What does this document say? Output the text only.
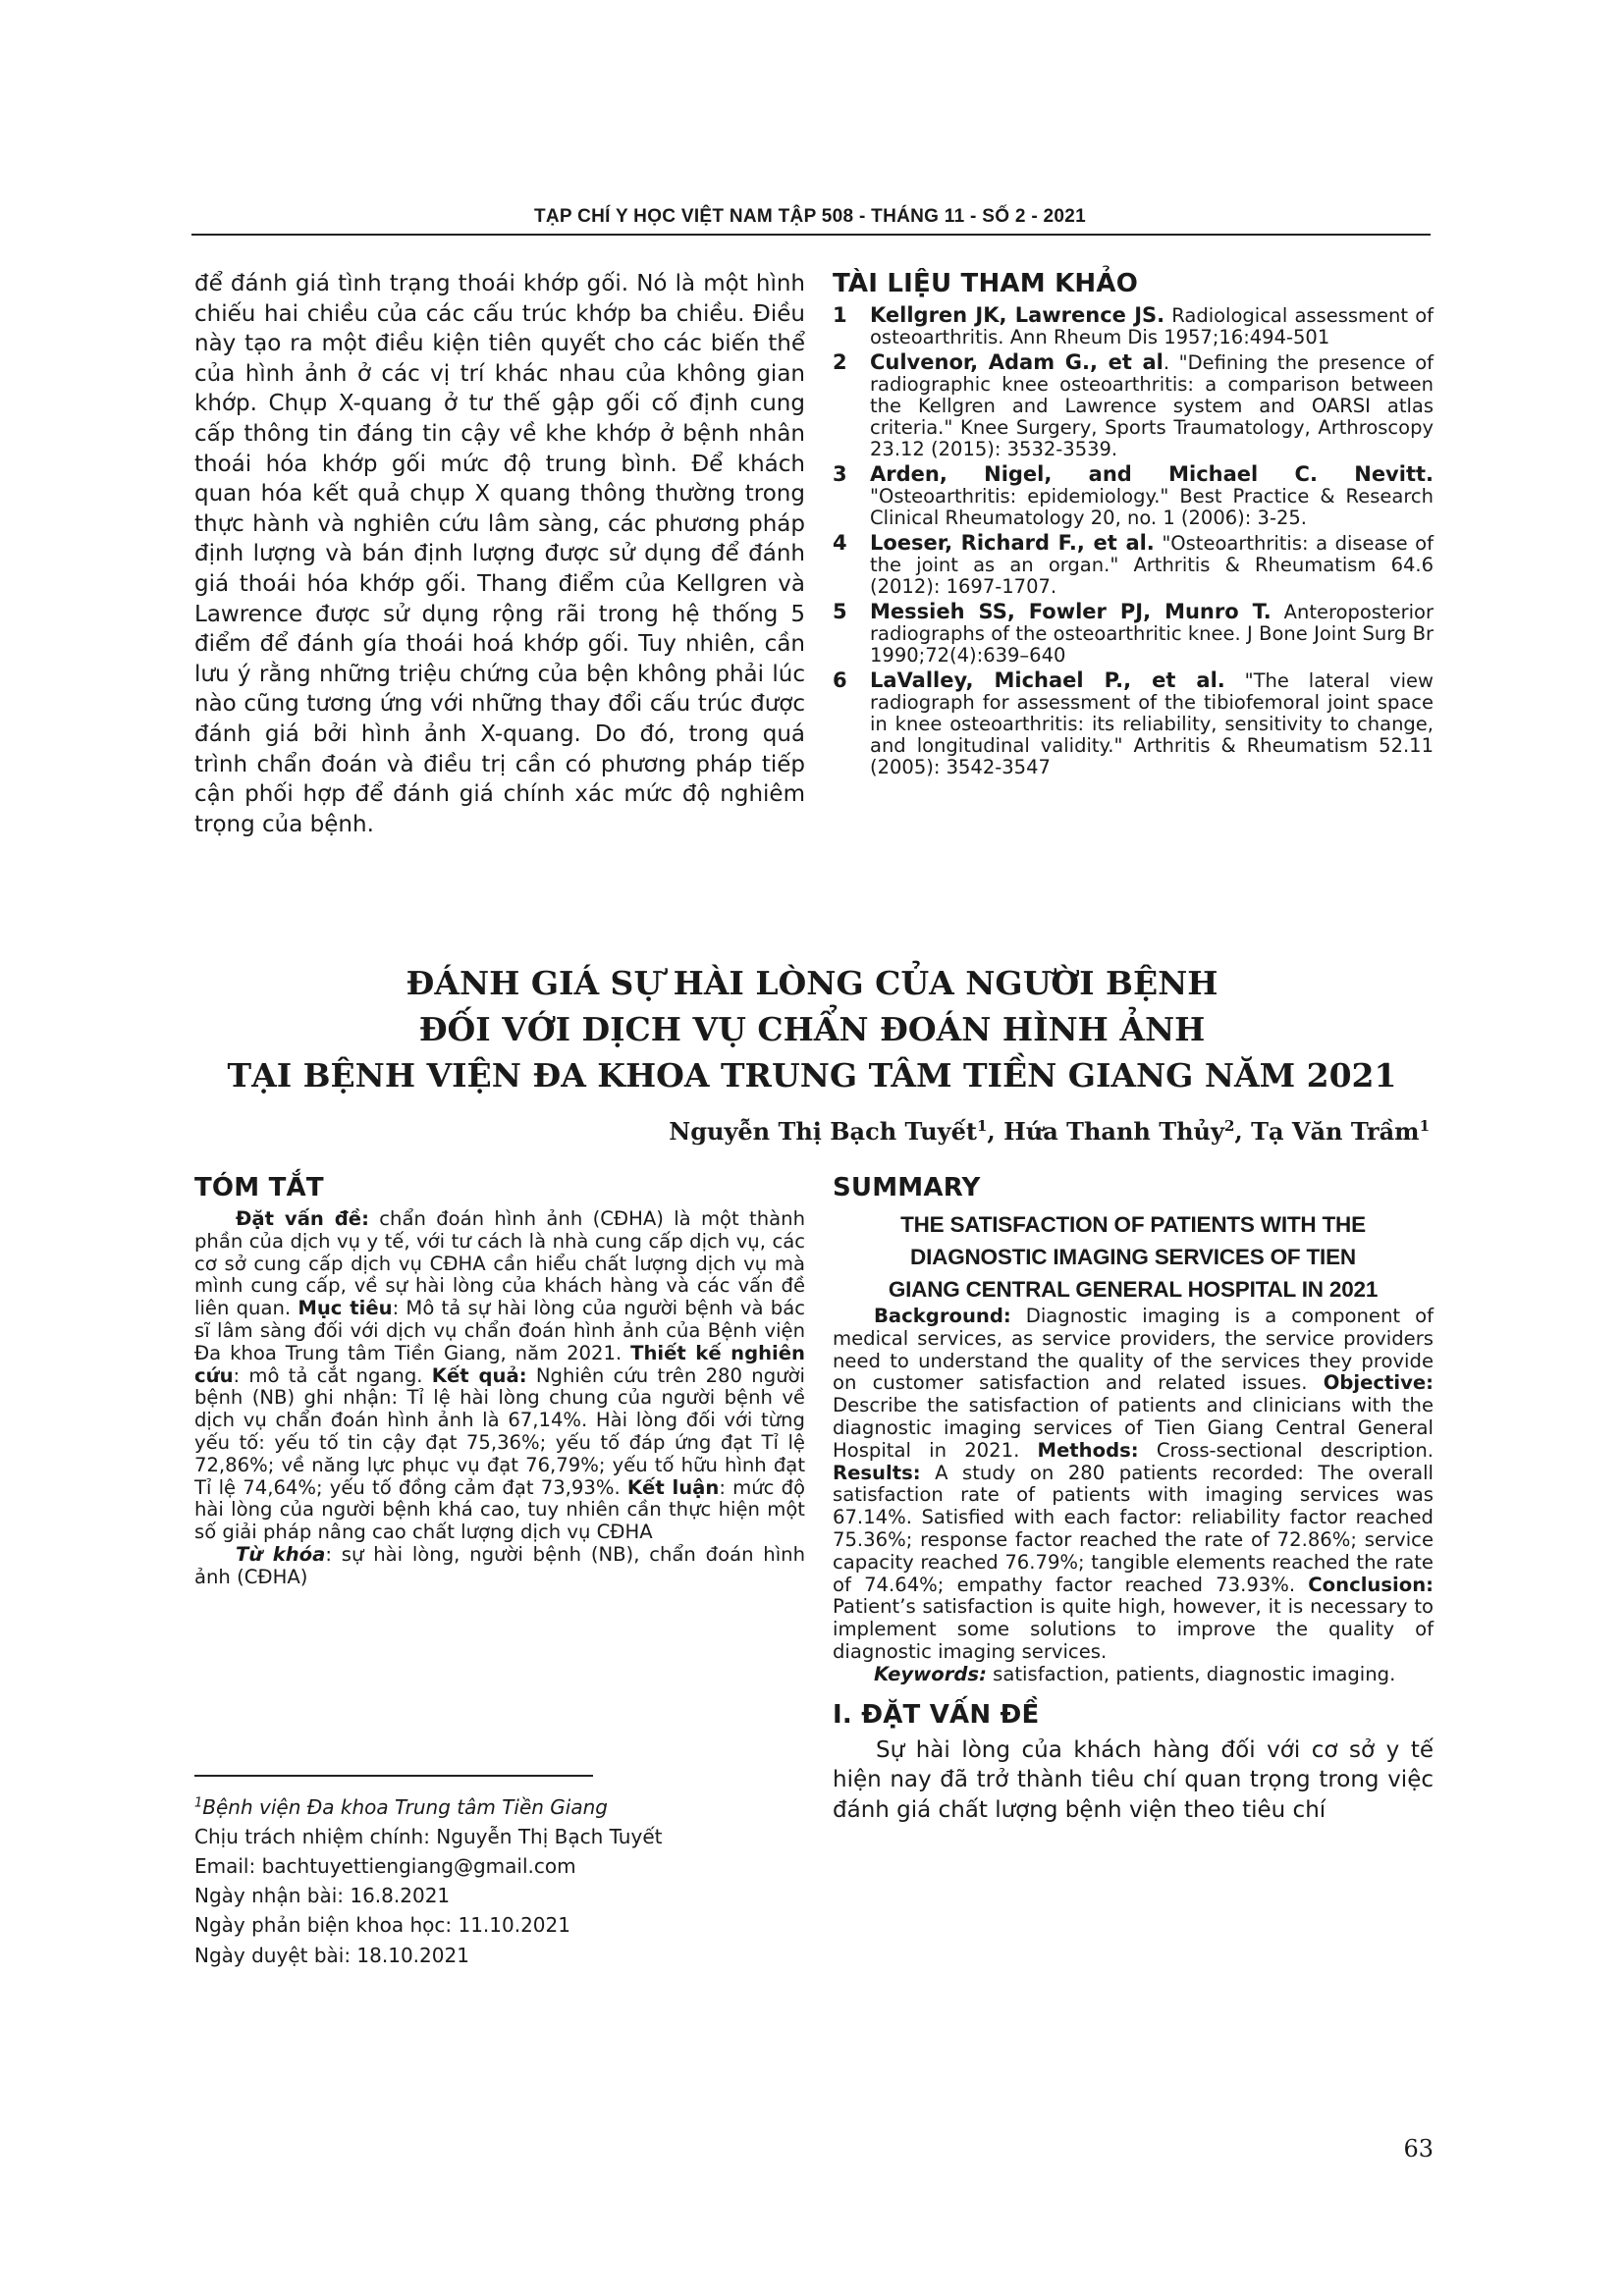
TẠP CHÍ Y HỌC VIỆT NAM TẬP 508 - THÁNG 11 - SỐ 2 - 2021

để đánh giá tình trạng thoái khớp gối. Nó là một hình chiếu hai chiều của các cấu trúc khớp ba chiều. Điều này tạo ra một điều kiện tiên quyết cho các biến thể của hình ảnh ở các vị trí khác nhau của không gian khớp. Chụp X-quang ở tư thế gập gối cố định cung cấp thông tin đáng tin cậy về khe khớp ở bệnh nhân thoái hóa khớp gối mức độ trung bình. Để khách quan hóa kết quả chụp X quang thông thường trong thực hành và nghiên cứu lâm sàng, các phương pháp định lượng và bán định lượng được sử dụng để đánh giá thoái hóa khớp gối. Thang điểm của Kellgren và Lawrence được sử dụng rộng rãi trong hệ thống 5 điểm để đánh gía thoái hoá khớp gối. Tuy nhiên, cần lưu ý rằng những triệu chứng của bện không phải lúc nào cũng tương ứng với những thay đổi cấu trúc được đánh giá bởi hình ảnh X-quang. Do đó, trong quá trình chẩn đoán và điều trị cần có phương pháp tiếp cận phối hợp để đánh giá chính xác mức độ nghiêm trọng của bệnh.

TÀI LIỆU THAM KHẢO
1	Kellgren JK, Lawrence JS. Radiological assessment of osteoarthritis. Ann Rheum Dis 1957;16:494-501
2	Culvenor, Adam G., et al. "Defining the presence of radiographic knee osteoarthritis: a comparison between the Kellgren and Lawrence system and OARSI atlas criteria." Knee Surgery, Sports Traumatology, Arthroscopy 23.12 (2015): 3532-3539.
3	Arden, Nigel, and Michael C. Nevitt. "Osteoarthritis: epidemiology." Best Practice & Research Clinical Rheumatology 20, no. 1 (2006): 3-25.
4	Loeser, Richard F., et al. "Osteoarthritis: a disease of the joint as an organ." Arthritis & Rheumatism 64.6 (2012): 1697-1707.
5	Messieh SS, Fowler PJ, Munro T. Anteroposterior radiographs of the osteoarthritic knee. J Bone Joint Surg Br 1990;72(4):639–640
6	LaValley, Michael P., et al. "The lateral view radiograph for assessment of the tibiofemoral joint space in knee osteoarthritis: its reliability, sensitivity to change, and longitudinal validity." Arthritis & Rheumatism 52.11 (2005): 3542-3547
ĐÁNH GIÁ SỰ HÀI LÒNG CỦA NGƯỜI BỆNH
ĐỐI VỚI DỊCH VỤ CHẨN ĐOÁN HÌNH ẢNH
TẠI BỆNH VIỆN ĐA KHOA TRUNG TÂM TIỀN GIANG NĂM 2021
Nguyễn Thị Bạch Tuyết$^1$, Hứa Thanh Thủy$^2$, Tạ Văn Trầm$^1$
TÓM TẮT

Đặt vấn đề: chẩn đoán hình ảnh (CĐHA) là một thành phần của dịch vụ y tế, với tư cách là nhà cung cấp dịch vụ, các cơ sở cung cấp dịch vụ CĐHA cần hiểu chất lượng dịch vụ mà mình cung cấp, về sự hài lòng của khách hàng và các vấn đề liên quan. Mục tiêu: Mô tả sự hài lòng của người bệnh và bác sĩ lâm sàng đối với dịch vụ chẩn đoán hình ảnh của Bệnh viện Đa khoa Trung tâm Tiền Giang, năm 2021. Thiết kế nghiên cứu: mô tả cắt ngang. Kết quả: Nghiên cứu trên 280 người bệnh (NB) ghi nhận: Tỉ lệ hài lòng chung của người bệnh về dịch vụ chẩn đoán hình ảnh là 67,14%. Hài lòng đối với từng yếu tố: yếu tố tin cậy đạt 75,36%; yếu tố đáp ứng đạt Tỉ lệ 72,86%; về năng lực phục vụ đạt 76,79%; yếu tố hữu hình đạt Tỉ lệ 74,64%; yếu tố đồng cảm đạt 73,93%. Kết luận: mức độ hài lòng của người bệnh khá cao, tuy nhiên cần thực hiện một số giải pháp nâng cao chất lượng dịch vụ CĐHA

Từ khóa: sự hài lòng, người bệnh (NB), chẩn đoán hình ảnh (CĐHA)

$^1$Bệnh viện Đa khoa Trung tâm Tiền Giang
Chịu trách nhiệm chính: Nguyễn Thị Bạch Tuyết
Email: bachtuyettiengiang@gmail.com
Ngày nhận bài: 16.8.2021
Ngày phản biện khoa học: 11.10.2021
Ngày duyệt bài: 18.10.2021
SUMMARY
THE SATISFACTION OF PATIENTS WITH THE
DIAGNOSTIC IMAGING SERVICES OF TIEN
GIANG CENTRAL GENERAL HOSPITAL IN 2021

Background: Diagnostic imaging is a component of medical services, as service providers, the service providers need to understand the quality of the services they provide on customer satisfaction and related issues. Objective: Describe the satisfaction of patients and clinicians with the diagnostic imaging services of Tien Giang Central General Hospital in 2021. Methods: Cross-sectional description. Results: A study on 280 patients recorded: The overall satisfaction rate of patients with imaging services was 67.14%. Satisfied with each factor: reliability factor reached 75.36%; response factor reached the rate of 72.86%; service capacity reached 76.79%; tangible elements reached the rate of 74.64%; empathy factor reached 73.93%. Conclusion: Patient’s satisfaction is quite high, however, it is necessary to implement some solutions to improve the quality of diagnostic imaging services.

Keywords: satisfaction, patients, diagnostic imaging.

I. ĐẶT VẤN ĐỀ

Sự hài lòng của khách hàng đối với cơ sở y tế hiện nay đã trở thành tiêu chí quan trọng trong việc đánh giá chất lượng bệnh viện theo tiêu chí

63
